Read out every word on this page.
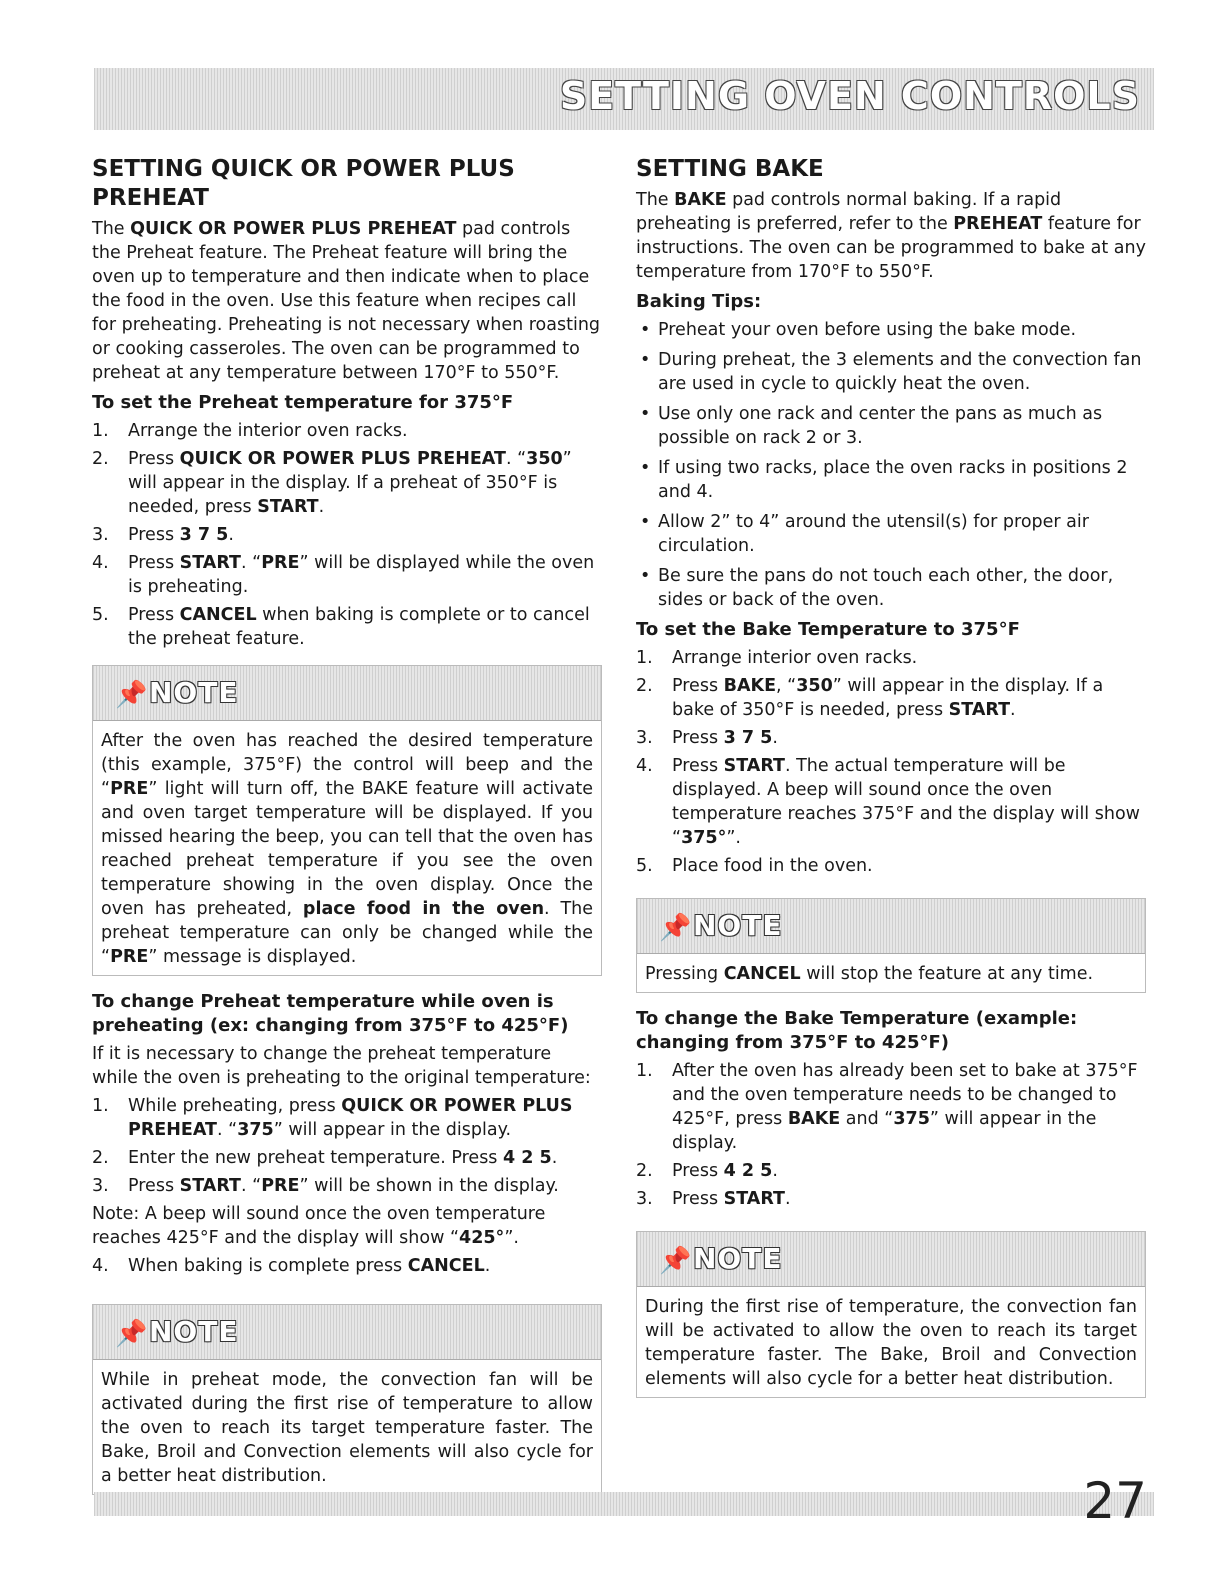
SETTING OVEN CONTROLS
SETTING QUICK OR POWER PLUS PREHEAT

The QUICK OR POWER PLUS PREHEAT pad controls the Preheat feature. The Preheat feature will bring the oven up to temperature and then indicate when to place the food in the oven. Use this feature when recipes call for preheating. Preheating is not necessary when roasting or cooking casseroles. The oven can be programmed to preheat at any temperature between 170°F to 550°F.

To set the Preheat temperature for 375°F
1. Arrange the interior oven racks.
2. Press QUICK OR POWER PLUS PREHEAT. “350” will appear in the display. If a preheat of 350°F is needed, press START.
3. Press 3 7 5.
4. Press START. “PRE” will be displayed while the oven is preheating.
5. Press CANCEL when baking is complete or to cancel the preheat feature.
📌 NOTE
After the oven has reached the desired temperature (this example, 375°F) the control will beep and the “PRE” light will turn off, the BAKE feature will activate and oven target temperature will be displayed. If you missed hearing the beep, you can tell that the oven has reached preheat temperature if you see the oven temperature showing in the oven display. Once the oven has preheated, place food in the oven. The preheat temperature can only be changed while the “PRE” message is displayed.
To change Preheat temperature while oven is preheating (ex: changing from 375°F to 425°F)

If it is necessary to change the preheat temperature while the oven is preheating to the original temperature:

1. While preheating, press QUICK OR POWER PLUS PREHEAT. “375” will appear in the display.
2. Enter the new preheat temperature. Press 4 2 5.
3. Press START. “PRE” will be shown in the display.

Note: A beep will sound once the oven temperature reaches 425°F and the display will show “425°”.

4. When baking is complete press CANCEL.
📌 NOTE
While in preheat mode, the convection fan will be activated during the first rise of temperature to allow the oven to reach its target temperature faster. The Bake, Broil and Convection elements will also cycle for a better heat distribution.
SETTING BAKE

The BAKE pad controls normal baking. If a rapid preheating is preferred, refer to the PREHEAT feature for instructions. The oven can be programmed to bake at any temperature from 170°F to 550°F.

Baking Tips:
• Preheat your oven before using the bake mode.
• During preheat, the 3 elements and the convection fan are used in cycle to quickly heat the oven.
• Use only one rack and center the pans as much as possible on rack 2 or 3.
• If using two racks, place the oven racks in positions 2 and 4.
• Allow 2” to 4” around the utensil(s) for proper air circulation.
• Be sure the pans do not touch each other, the door, sides or back of the oven.
To set the Bake Temperature to 375°F
1. Arrange interior oven racks.
2. Press BAKE, “350” will appear in the display. If a bake of 350°F is needed, press START.
3. Press 3 7 5.
4. Press START. The actual temperature will be displayed. A beep will sound once the oven temperature reaches 375°F and the display will show “375°”.
5. Place food in the oven.
📌 NOTE
Pressing CANCEL will stop the feature at any time.
To change the Bake Temperature (example: changing from 375°F to 425°F)
1. After the oven has already been set to bake at 375°F and the oven temperature needs to be changed to 425°F, press BAKE and “375” will appear in the display.
2. Press 4 2 5.
3. Press START.
📌 NOTE
During the first rise of temperature, the convection fan will be activated to allow the oven to reach its target temperature faster. The Bake, Broil and Convection elements will also cycle for a better heat distribution.
27
